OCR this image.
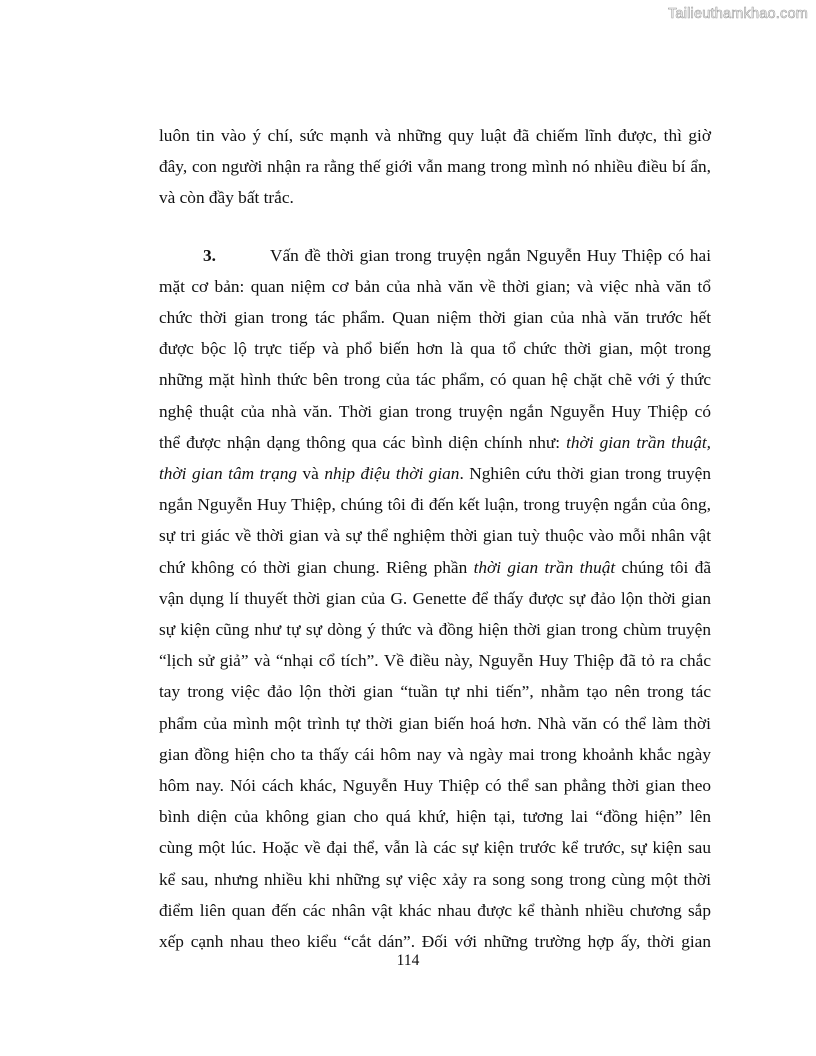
Tailieuthamkhao.com

luôn tin vào ý chí, sức mạnh và những quy luật đã chiếm lĩnh được, thì giờ
đây, con người nhận ra rằng thế giới vẫn mang trong mình nó nhiều điều bí ẩn,
và còn đầy bất trắc.

3.	Vấn đề thời gian trong truyện ngắn Nguyễn Huy Thiệp có hai
mặt cơ bản: quan niệm cơ bản của nhà văn về thời gian; và việc nhà văn tổ
chức thời gian trong tác phẩm. Quan niệm thời gian của nhà văn trước hết
được bộc lộ trực tiếp và phổ biến hơn là qua tổ chức thời gian, một trong
những mặt hình thức bên trong của tác phẩm, có quan hệ chặt chẽ với ý thức
nghệ thuật của nhà văn. Thời gian trong truyện ngắn Nguyễn Huy Thiệp có
thể được nhận dạng thông qua các bình diện chính như: thời gian trần thuật,
thời gian tâm trạng và nhịp điệu thời gian. Nghiên cứu thời gian trong truyện
ngắn Nguyễn Huy Thiệp, chúng tôi đi đến kết luận, trong truyện ngắn của ông,
sự tri giác về thời gian và sự thể nghiệm thời gian tuỳ thuộc vào mỗi nhân vật
chứ không có thời gian chung. Riêng phần thời gian trần thuật chúng tôi đã
vận dụng lí thuyết thời gian của G. Genette để thấy được sự đảo lộn thời gian
sự kiện cũng như tự sự dòng ý thức và đồng hiện thời gian trong chùm truyện
“lịch sử giả” và “nhại cổ tích”. Về điều này, Nguyễn Huy Thiệp đã tỏ ra chắc
tay trong việc đảo lộn thời gian “tuần tự nhi tiến”, nhằm tạo nên trong tác
phẩm của mình một trình tự thời gian biến hoá hơn. Nhà văn có thể làm thời
gian đồng hiện cho ta thấy cái hôm nay và ngày mai trong khoảnh khắc ngày
hôm nay. Nói cách khác, Nguyễn Huy Thiệp có thể san phẳng thời gian theo
bình diện của không gian cho quá khứ, hiện tại, tương lai “đồng hiện” lên
cùng một lúc. Hoặc về đại thể, vẫn là các sự kiện trước kể trước, sự kiện sau
kể sau, nhưng nhiều khi những sự việc xảy ra song song trong cùng một thời
điểm liên quan đến các nhân vật khác nhau được kể thành nhiều chương sắp
xếp cạnh nhau theo kiểu “cắt dán”. Đối với những trường hợp ấy, thời gian

114
